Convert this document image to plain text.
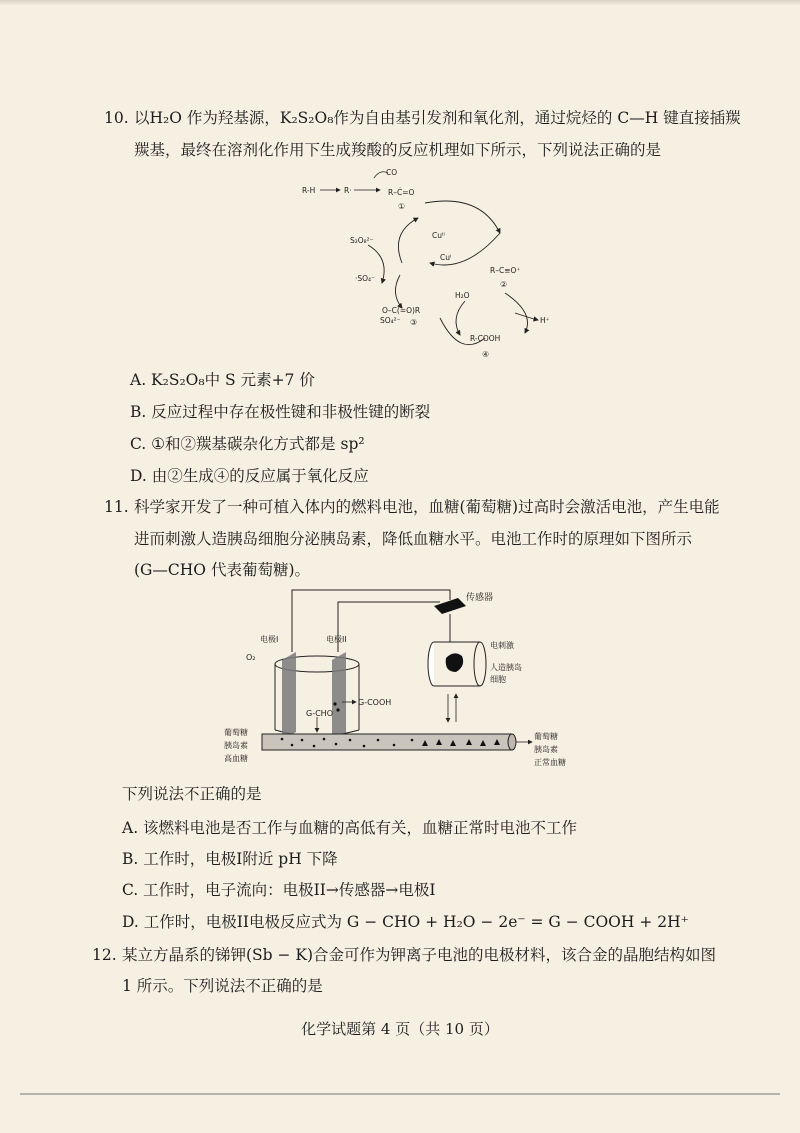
10. 以H₂O 作为羟基源，K₂S₂O₈作为自由基引发剂和氧化剂，通过烷烃的 C—H 键直接插羰
羰基，最终在溶剂化作用下生成羧酸的反应机理如下所示，下列说法正确的是
R-H	R·
CO
R–Ċ=O
①
S₂O₈²⁻
·SO₄⁻
Cuᴵᴵ
Cuᴵ
R–C≡O⁺
②
H₂O
H⁺
O–C(=O)R
SO₄²⁻ ③
R-COOH
④
A. K₂S₂O₈中 S 元素+7 价
B. 反应过程中存在极性键和非极性键的断裂
C. ①和②羰基碳杂化方式都是 sp²
D. 由②生成④的反应属于氧化反应
11. 科学家开发了一种可植入体内的燃料电池，血糖(葡萄糖)过高时会激活电池，产生电能
进而刺激人造胰岛细胞分泌胰岛素，降低血糖水平。电池工作时的原理如下图所示
(G—CHO 代表葡萄糖)。
传感器
电极I	电极II
O₂
G-CHO
G-COOH
电刺激
人造胰岛
细胞
葡萄糖
胰岛素
高血糖
葡萄糖
胰岛素
正常血糖
下列说法不正确的是
A. 该燃料电池是否工作与血糖的高低有关，血糖正常时电池不工作
B. 工作时，电极I附近 pH 下降
C. 工作时，电子流向：电极II→传感器→电极I
D. 工作时，电极II电极反应式为 G − CHO + H₂O − 2e⁻ = G − COOH + 2H⁺
12. 某立方晶系的锑钾(Sb − K)合金可作为钾离子电池的电极材料，该合金的晶胞结构如图
1 所示。下列说法不正确的是
化学试题第 4 页（共 10 页）
